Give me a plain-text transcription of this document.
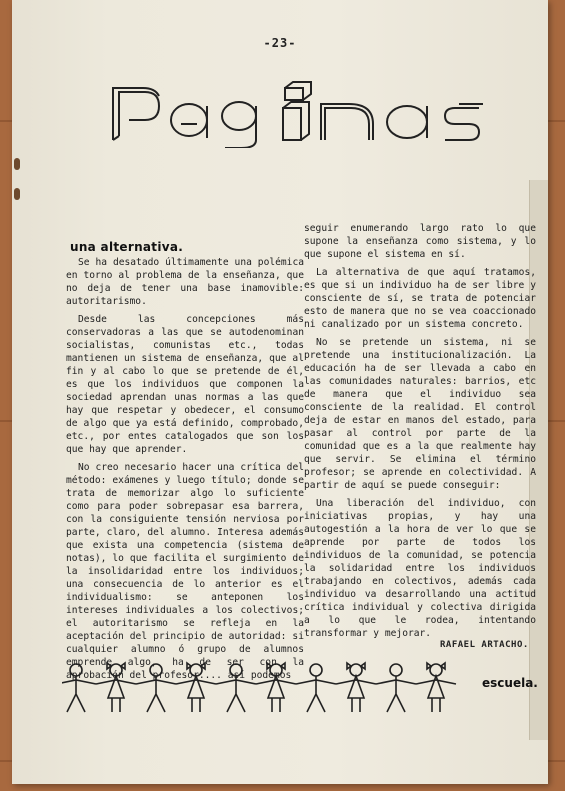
-23-
una alternativa.

Se ha desatado últimamente una polémica en torno al problema de la enseñanza, que no deja de tener una base inamovible: autoritarismo.

Desde las concepciones más conservadoras a las que se autodenominan socialistas, comunistas etc., todas mantienen un sistema de enseñanza, que al fin y al cabo lo que se pretende de él, es que los individuos que componen la sociedad aprendan unas normas a las que hay que respetar y obedecer, el consumo de algo que ya está definido, comprobado, etc., por entes catalogados que son los que hay que aprender.

No creo necesario hacer una crítica del método: exámenes y luego título; donde se trata de memorizar algo lo suficiente como para poder sobrepasar esa barrera, con la consiguiente tensión nerviosa por parte, claro, del alumno. Interesa además que exista una competencia (sistema de notas), lo que facilita el surgimiento de la insolidaridad entre los individuos; una consecuencia de lo anterior es el individualismo: se anteponen los intereses individuales a los colectivos; el autoritarismo se refleja en la aceptación del principio de autoridad: si cualquier alumno ó grupo de alumnos emprende algo, ha de ser con la aprobación del profesor.... así podemos

seguir enumerando largo rato lo que supone la enseñanza como sistema, y lo que supone el sistema en sí.

La alternativa de que aquí tratamos, es que si un individuo ha de ser libre y consciente de sí, se trata de potenciar esto de manera que no se vea coaccionado ni canalizado por un sistema concreto.

No se pretende un sistema, ni se pretende una institucionalización. La educación ha de ser llevada a cabo en las comunidades naturales: barrios, etc de manera que el individuo sea consciente de la realidad. El control deja de estar en manos del estado, para pasar al control por parte de la comunidad que es a la que realmente hay que servir. Se elimina el término profesor; se aprende en colectividad. A partir de aquí se puede conseguir:

Una liberación del individuo, con iniciativas propias, y hay una autogestión a la hora de ver lo que se aprende por parte de todos los individuos de la comunidad, se potencia la solidaridad entre los individuos trabajando en colectivos, además cada individuo va desarrollando una actitud crítica individual y colectiva dirigida a lo que le rodea, intentando transformar y mejorar.

RAFAEL ARTACHO.
escuela.
